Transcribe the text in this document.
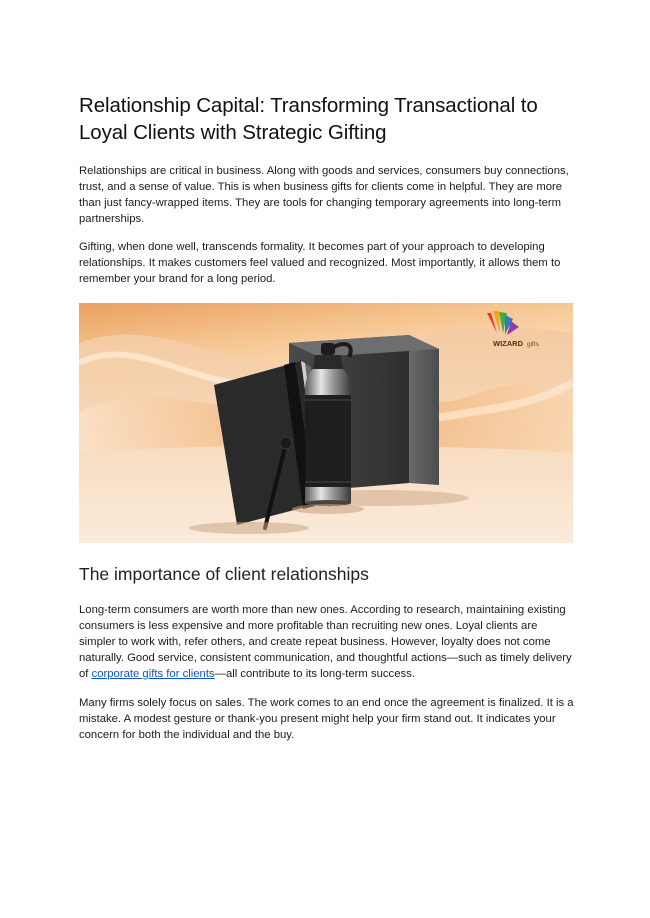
Relationship Capital: Transforming Transactional to Loyal Clients with Strategic Gifting

Relationships are critical in business. Along with goods and services, consumers buy connections, trust, and a sense of value. This is when business gifts for clients come in helpful. They are more than just fancy-wrapped items. They are tools for changing temporary agreements into long-term partnerships.

Gifting, when done well, transcends formality. It becomes part of your approach to developing relationships. It makes customers feel valued and recognized. Most importantly, it allows them to remember your brand for a long period.

WIZARD gifts
The importance of client relationships

Long-term consumers are worth more than new ones. According to research, maintaining existing consumers is less expensive and more profitable than recruiting new ones. Loyal clients are simpler to work with, refer others, and create repeat business. However, loyalty does not come naturally. Good service, consistent communication, and thoughtful actions—such as timely delivery of corporate gifts for clients—all contribute to its long-term success.

Many firms solely focus on sales. The work comes to an end once the agreement is finalized. It is a mistake. A modest gesture or thank-you present might help your firm stand out. It indicates your concern for both the individual and the buy.
